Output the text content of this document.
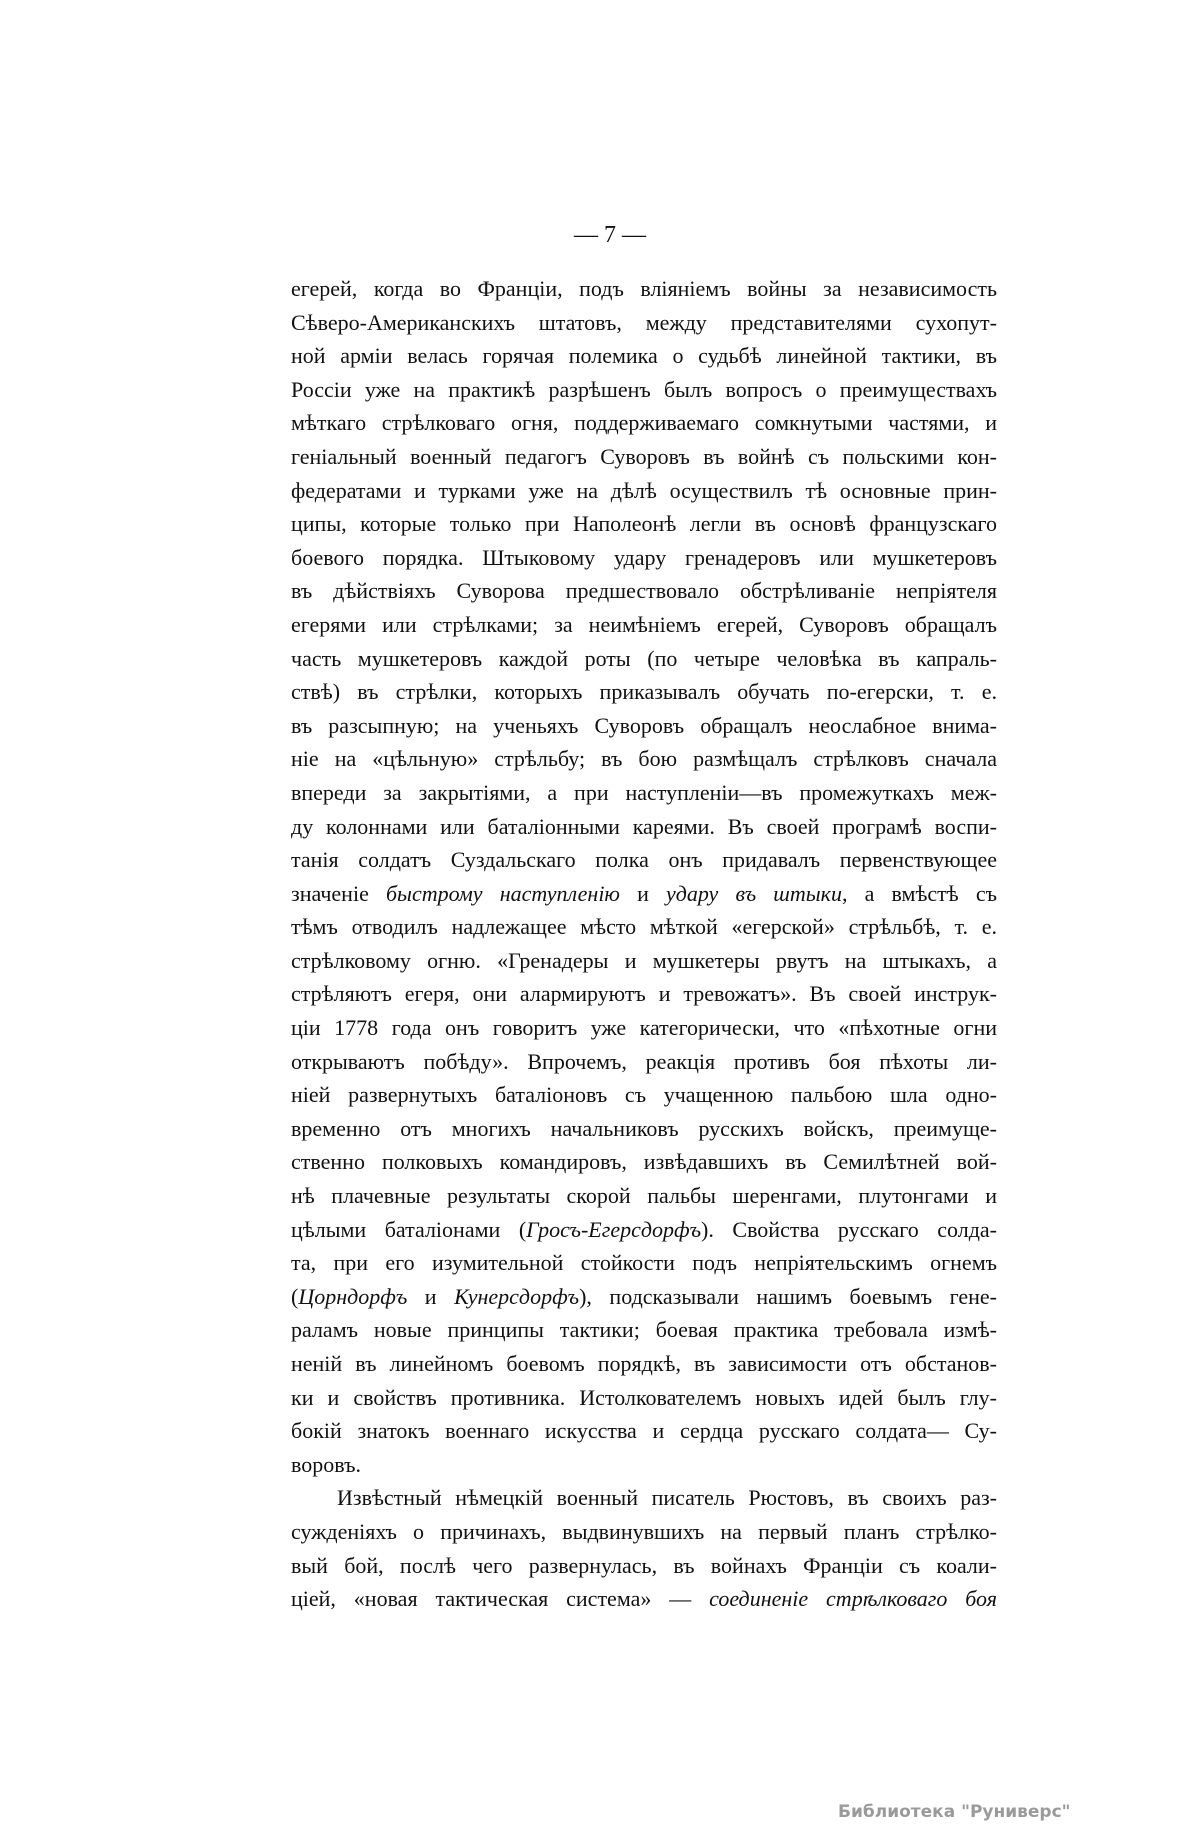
— 7 —
егерей, когда во Франціи, подъ вліяніемъ войны за независимость
Сѣверо-Американскихъ штатовъ, между представителями сухопут-
ной арміи велась горячая полемика о судьбѣ линейной тактики, въ
Россіи уже на практикѣ разрѣшенъ былъ вопросъ о преимуществахъ
мѣткаго стрѣлковаго огня, поддерживаемаго сомкнутыми частями, и
геніальный военный педагогъ Суворовъ въ войнѣ съ польскими кон-
федератами и турками уже на дѣлѣ осуществилъ тѣ основные прин-
ципы, которые только при Наполеонѣ легли въ основѣ французскаго
боевого порядка. Штыковому удару гренадеровъ или мушкетеровъ
въ дѣйствіяхъ Суворова предшествовало обстрѣливаніе непріятеля
егерями или стрѣлками; за неимѣніемъ егерей, Суворовъ обращалъ
часть мушкетеровъ каждой роты (по четыре человѣка въ капраль-
ствѣ) въ стрѣлки, которыхъ приказывалъ обучать по-егерски, т. е.
въ разсыпную; на ученьяхъ Суворовъ обращалъ неослабное внима-
ніе на «цѣльную» стрѣльбу; въ бою размѣщалъ стрѣлковъ сначала
впереди за закрытіями, а при наступленіи—въ промежуткахъ меж-
ду колоннами или баталіонными кареями. Въ своей програмѣ воспи-
танія солдатъ Суздальскаго полка онъ придавалъ первенствующее
значеніе быстрому наступленію и удару въ штыки, а вмѣстѣ съ
тѣмъ отводилъ надлежащее мѣсто мѣткой «егерской» стрѣльбѣ, т. е.
стрѣлковому огню. «Гренадеры и мушкетеры рвутъ на штыкахъ, а
стрѣляютъ егеря, они алармируютъ и тревожатъ». Въ своей инструк-
ціи 1778 года онъ говоритъ уже категорически, что «пѣхотные огни
открываютъ побѣду». Впрочемъ, реакція противъ боя пѣхоты ли-
ніей развернутыхъ баталіоновъ съ учащенною пальбою шла одно-
временно отъ многихъ начальниковъ русскихъ войскъ, преимуще-
ственно полковыхъ командировъ, извѣдавшихъ въ Семилѣтней вой-
нѣ плачевные результаты скорой пальбы шеренгами, плутонгами и
цѣлыми баталіонами (Гросъ-Егерсдорфъ). Свойства русскаго солда-
та, при его изумительной стойкости подъ непріятельскимъ огнемъ
(Цорндорфъ и Кунерсдорфъ), подсказывали нашимъ боевымъ гене-
раламъ новые принципы тактики; боевая практика требовала измѣ-
неній въ линейномъ боевомъ порядкѣ, въ зависимости отъ обстанов-
ки и свойствъ противника. Истолкователемъ новыхъ идей былъ глу-
бокій знатокъ военнаго искусства и сердца русскаго солдата— Су-
воровъ.
Извѣстный нѣмецкій военный писатель Рюстовъ, въ своихъ раз-
сужденіяхъ о причинахъ, выдвинувшихъ на первый планъ стрѣлко-
вый бой, послѣ чего развернулась, въ войнахъ Франціи съ коали-
ціей, «новая тактическая система» — соединеніе стрѣлковаго боя
Библиотека "Руниверс"
